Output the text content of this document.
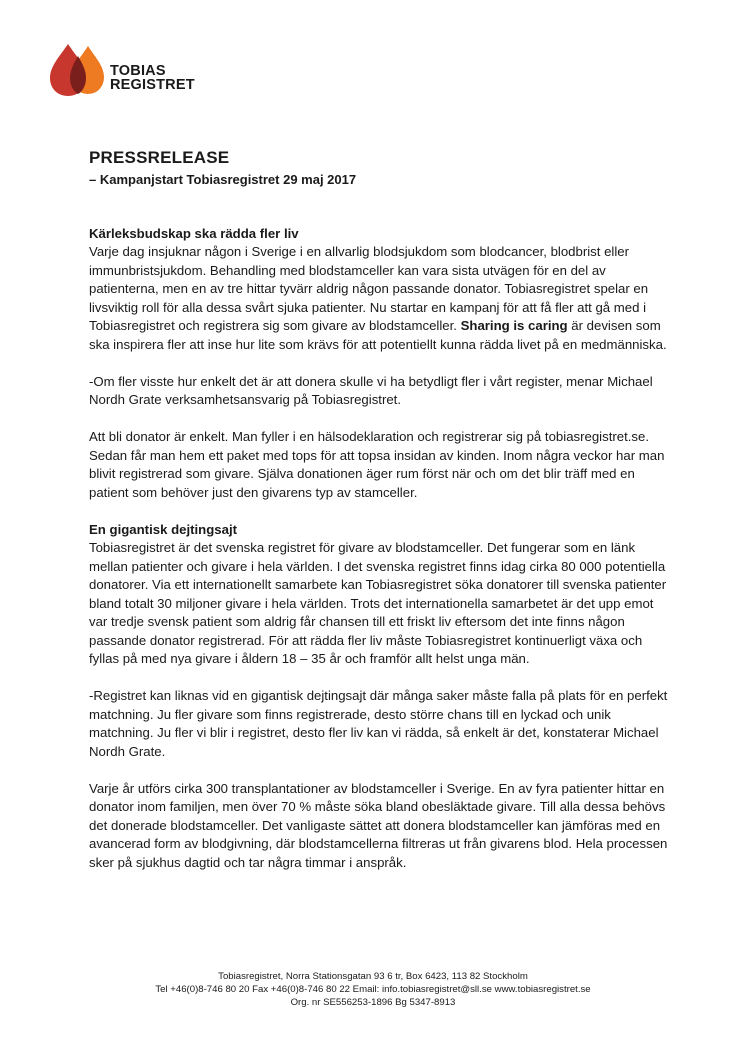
TOBIAS
REGISTRET
PRESSRELEASE
– Kampanjstart Tobiasregistret 29 maj 2017
Kärleksbudskap ska rädda fler liv

Varje dag insjuknar någon i Sverige i en allvarlig blodsjukdom som blodcancer, blodbrist eller immunbristsjukdom. Behandling med blodstamceller kan vara sista utvägen för en del av patienterna, men en av tre hittar tyvärr aldrig någon passande donator. Tobiasregistret spelar en livsviktig roll för alla dessa svårt sjuka patienter. Nu startar en kampanj för att få fler att gå med i Tobiasregistret och registrera sig som givare av blodstamceller. Sharing is caring är devisen som ska inspirera fler att inse hur lite som krävs för att potentiellt kunna rädda livet på en medmänniska.

-Om fler visste hur enkelt det är att donera skulle vi ha betydligt fler i vårt register, menar Michael Nordh Grate verksamhetsansvarig på Tobiasregistret.

Att bli donator är enkelt. Man fyller i en hälsodeklaration och registrerar sig på tobiasregistret.se. Sedan får man hem ett paket med tops för att topsa insidan av kinden. Inom några veckor har man blivit registrerad som givare. Själva donationen äger rum först när och om det blir träff med en patient som behöver just den givarens typ av stamceller.

En gigantisk dejtingsajt

Tobiasregistret är det svenska registret för givare av blodstamceller. Det fungerar som en länk mellan patienter och givare i hela världen. I det svenska registret finns idag cirka 80 000 potentiella donatorer. Via ett internationellt samarbete kan Tobiasregistret söka donatorer till svenska patienter bland totalt 30 miljoner givare i hela världen. Trots det internationella samarbetet är det upp emot var tredje svensk patient som aldrig får chansen till ett friskt liv eftersom det inte finns någon passande donator registrerad. För att rädda fler liv måste Tobiasregistret kontinuerligt växa och fyllas på med nya givare i åldern 18 – 35 år och framför allt helst unga män.

-Registret kan liknas vid en gigantisk dejtingsajt där många saker måste falla på plats för en perfekt matchning. Ju fler givare som finns registrerade, desto större chans till en lyckad och unik matchning. Ju fler vi blir i registret, desto fler liv kan vi rädda, så enkelt är det, konstaterar Michael Nordh Grate.

Varje år utförs cirka 300 transplantationer av blodstamceller i Sverige. En av fyra patienter hittar en donator inom familjen, men över 70 % måste söka bland obesläktade givare. Till alla dessa behövs det donerade blodstamceller. Det vanligaste sättet att donera blodstamceller kan jämföras med en avancerad form av blodgivning, där blodstamcellerna filtreras ut från givarens blod. Hela processen sker på sjukhus dagtid och tar några timmar i anspråk.

Tobiasregistret, Norra Stationsgatan 93 6 tr, Box 6423, 113 82 Stockholm
Tel +46(0)8-746 80 20 Fax +46(0)8-746 80 22 Email: info.tobiasregistret@sll.se www.tobiasregistret.se
Org. nr SE556253-1896 Bg 5347-8913
